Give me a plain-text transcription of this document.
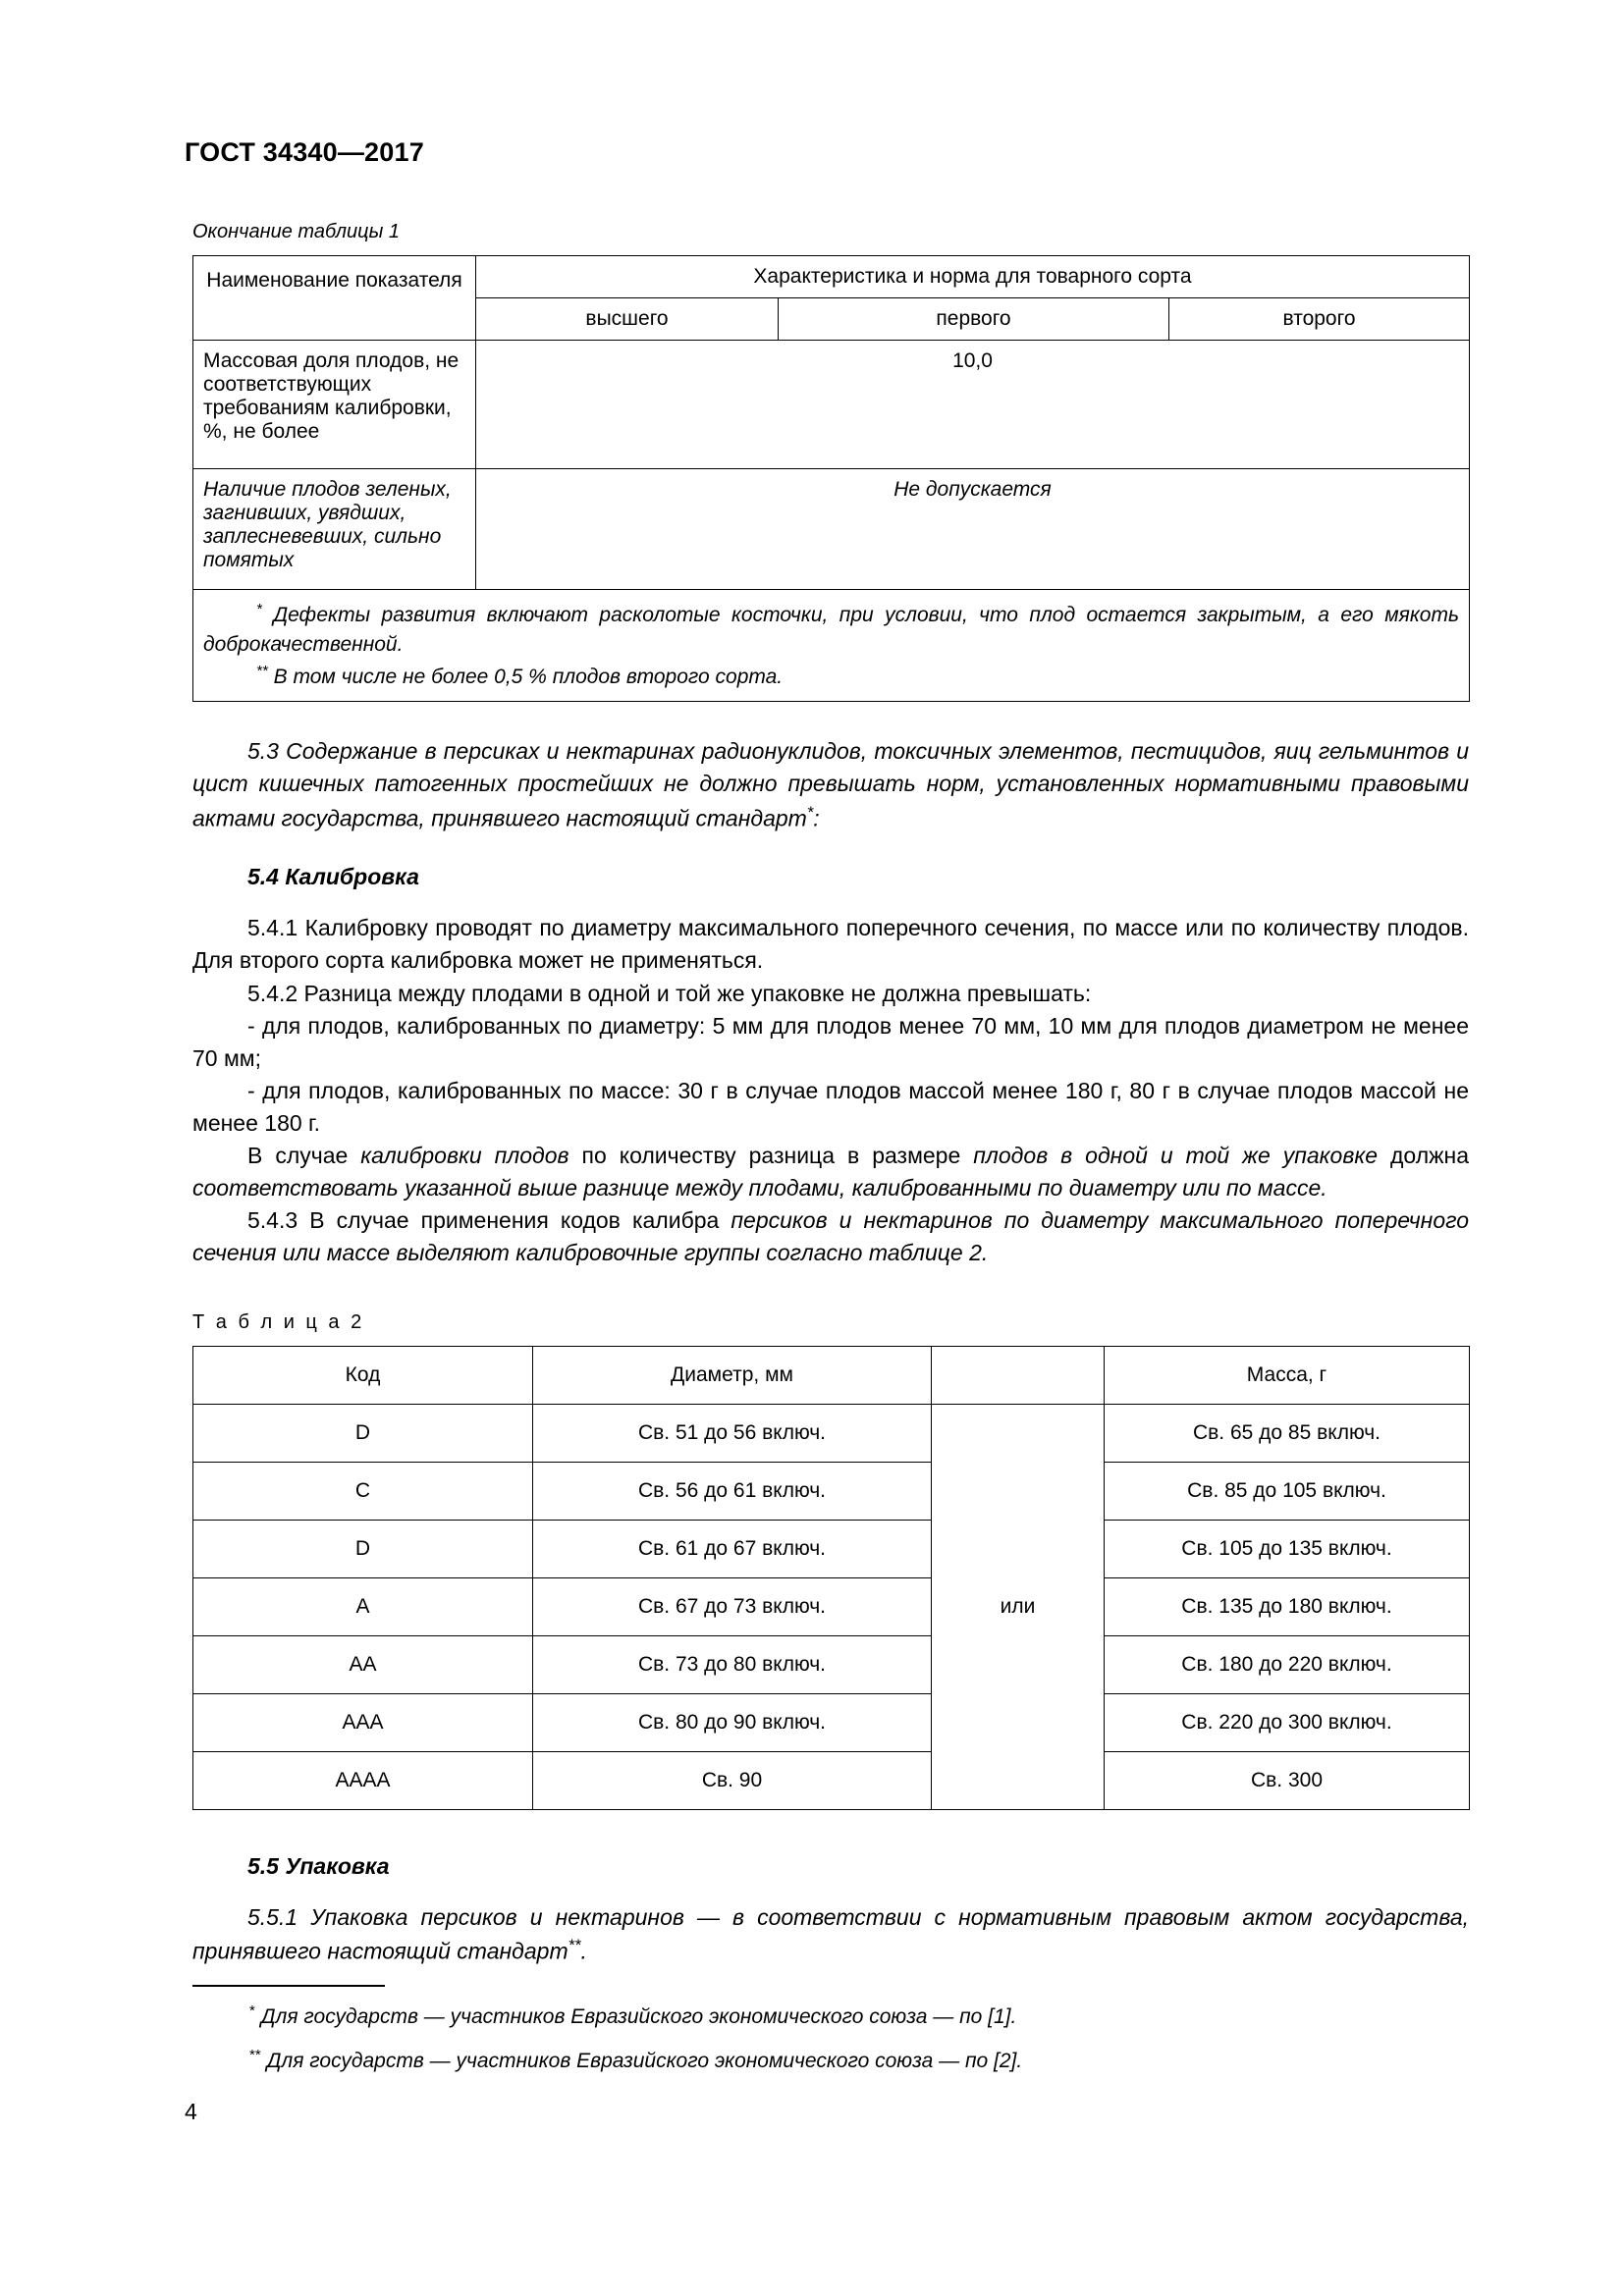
ГОСТ 34340—2017
Окончание таблицы 1
Наименование показателя	Характеристика и норма для товарного сорта		
	высшего	первого	второго
Массовая доля плодов, не соответствующих требованиям калибровки, %, не более	10,0		
Наличие плодов зеленых, загнивших, увядших, заплесневевших, сильно помятых	Не допускается		

* Дефекты развития включают расколотые косточки, при условии, что плод остается закрытым, а его мякоть доброкачественной.

** В том числе не более 0,5 % плодов второго сорта.			

5.3 Содержание в персиках и нектаринах радионуклидов, токсичных элементов, пестицидов, яиц гельминтов и цист кишечных патогенных простейших не должно превышать норм, установленных нормативными правовыми актами государства, принявшего настоящий стандарт*:

5.4 Калибровка

5.4.1 Калибровку проводят по диаметру максимального поперечного сечения, по массе или по количеству плодов. Для второго сорта калибровка может не применяться.

5.4.2 Разница между плодами в одной и той же упаковке не должна превышать:

- для плодов, калиброванных по диаметру: 5 мм для плодов менее 70 мм, 10 мм для плодов диаметром не менее 70 мм;

- для плодов, калиброванных по массе: 30 г в случае плодов массой менее 180 г, 80 г в случае плодов массой не менее 180 г.

В случае калибровки плодов по количеству разница в размере плодов в одной и той же упаковке должна соответствовать указанной выше разнице между плодами, калиброванными по диаметру или по массе.

5.4.3 В случае применения кодов калибра персиков и нектаринов по диаметру максимального поперечного сечения или массе выделяют калибровочные группы согласно таблице 2.

Т а б л и ц а 2
Код	Диаметр, мм		Масса, г
D	Св. 51 до 56 включ.	или	Св. 65 до 85 включ.
C	Св. 56 до 61 включ.		Св. 85 до 105 включ.
D	Св. 61 до 67 включ.		Св. 105 до 135 включ.
A	Св. 67 до 73 включ.		Св. 135 до 180 включ.
AA	Св. 73 до 80 включ.		Св. 180 до 220 включ.
AAA	Св. 80 до 90 включ.		Св. 220 до 300 включ.
AAAA	Св. 90		Св. 300

5.5 Упаковка

5.5.1 Упаковка персиков и нектаринов — в соответствии с нормативным правовым актом государства, принявшего настоящий стандарт**.

* Для государств — участников Евразийского экономического союза — по [1].

** Для государств — участников Евразийского экономического союза — по [2].

4
